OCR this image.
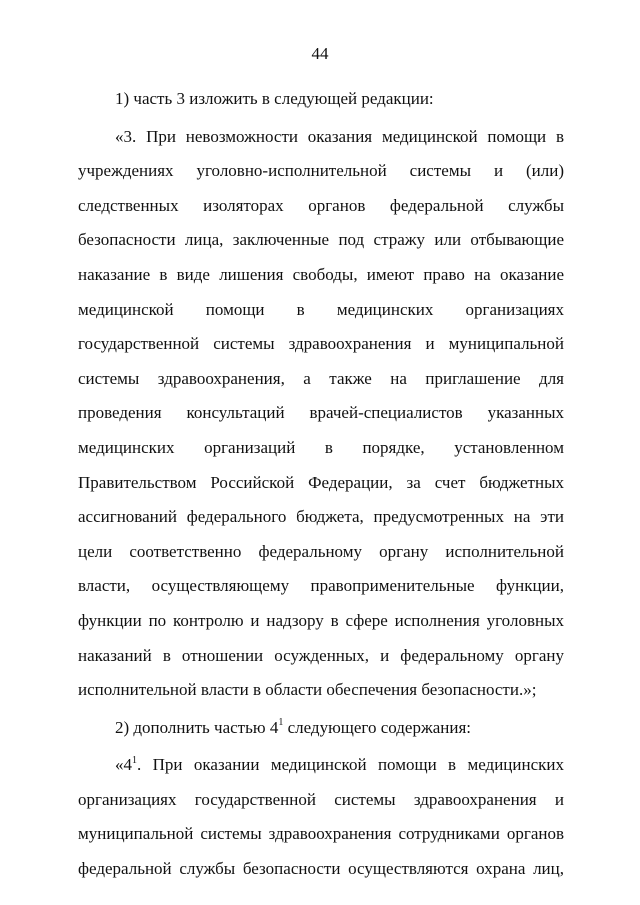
44

1) часть 3 изложить в следующей редакции:

«3. При невозможности оказания медицинской помощи в учреждениях уголовно-исполнительной системы и (или) следственных изоляторах органов федеральной службы безопасности лица, заключенные под стражу или отбывающие наказание в виде лишения свободы, имеют право на оказание медицинской помощи в медицинских организациях государственной системы здравоохранения и муниципальной системы здравоохранения, а также на приглашение для проведения консультаций врачей-специалистов указанных медицинских организаций в порядке, установленном Правительством Российской Федерации, за счет бюджетных ассигнований федерального бюджета, предусмотренных на эти цели соответственно федеральному органу исполнительной власти, осуществляющему правоприменительные функции, функции по контролю и надзору в сфере исполнения уголовных наказаний в отношении осужденных, и федеральному органу исполнительной власти в области обеспечения безопасности.»;

2) дополнить частью $4^1$ следующего содержания:

«$4^1$. При оказании медицинской помощи в медицинских организациях государственной системы здравоохранения и муниципальной системы здравоохранения сотрудниками органов федеральной службы безопасности осуществляются охрана лиц,
